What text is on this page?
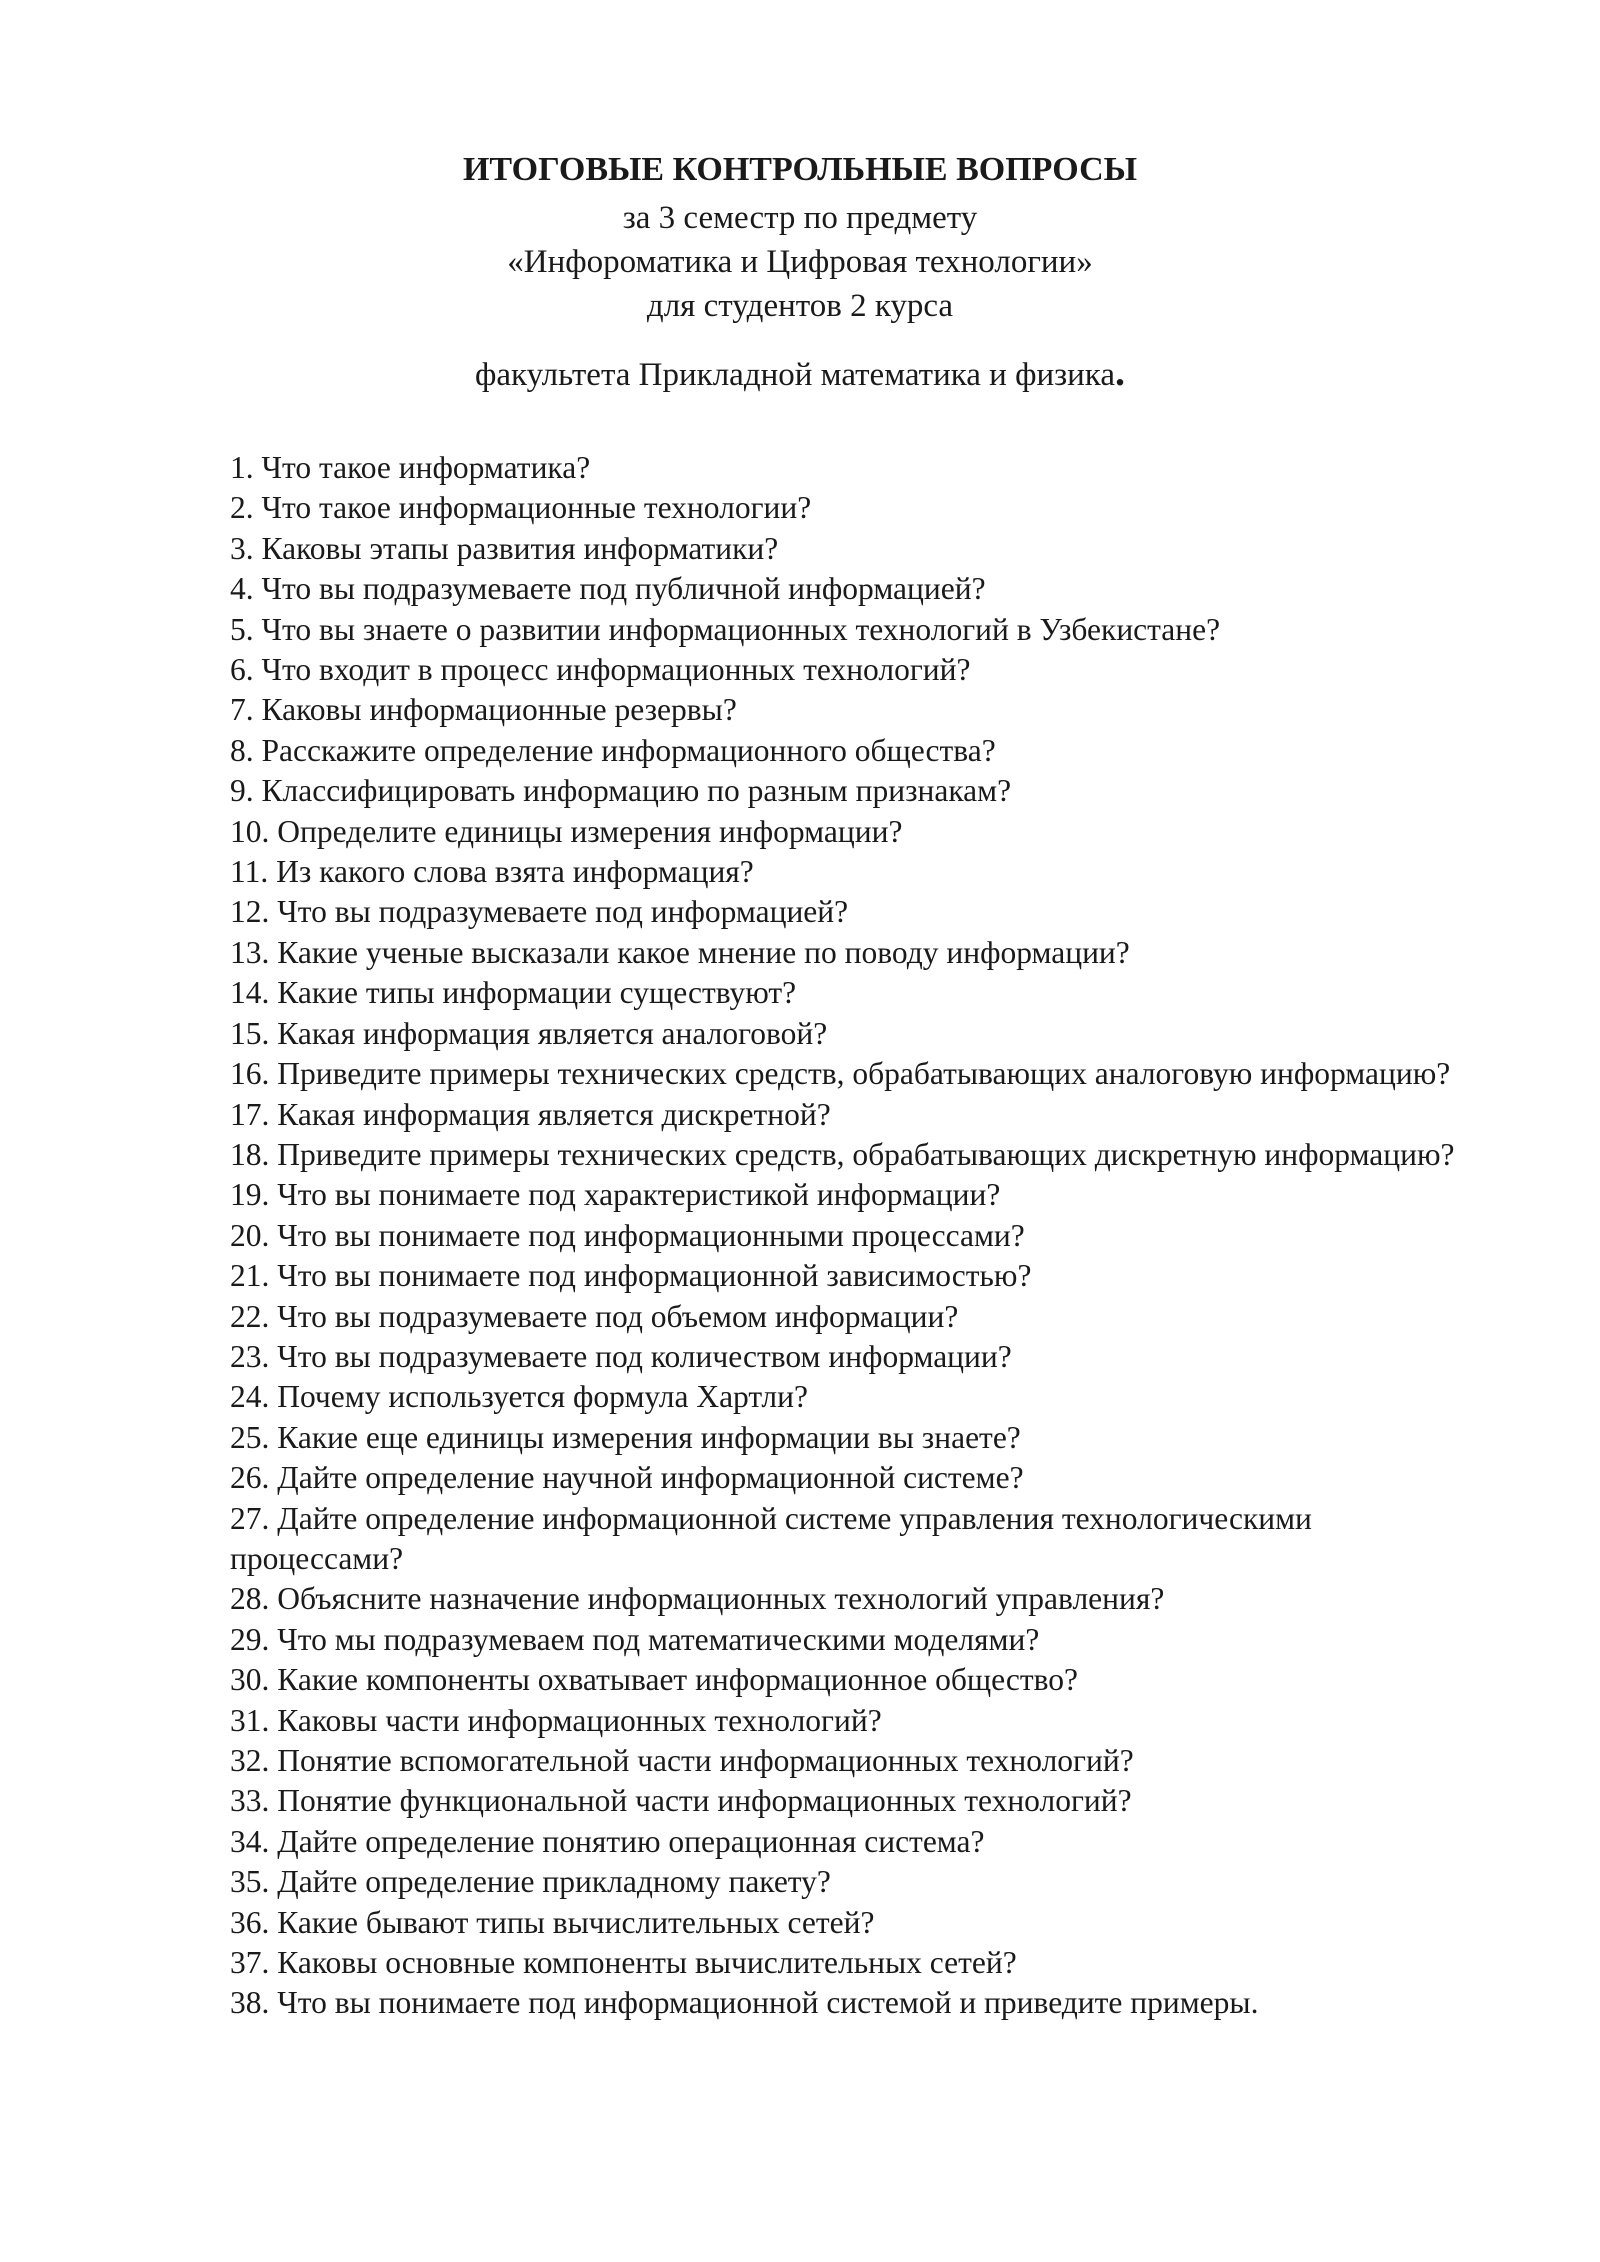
ИТОГОВЫЕ КОНТРОЛЬНЫЕ ВОПРОСЫ
за 3 семестр по предмету
«Инфороматика и Цифровая технологии»
для студентов 2 курса
факультета Прикладной математика и физика.
1. Что такое информатика?
2. Что такое информационные технологии?
3. Каковы этапы развития информатики?
4. Что вы подразумеваете под публичной информацией?
5. Что вы знаете о развитии информационных технологий в Узбекистане?
6. Что входит в процесс информационных технологий?
7. Каковы информационные резервы?
8. Расскажите определение информационного общества?
9. Классифицировать информацию по разным признакам?
10. Определите единицы измерения информации?
11. Из какого слова взята информация?
12. Что вы подразумеваете под информацией?
13. Какие ученые высказали какое мнение по поводу информации?
14. Какие типы информации существуют?
15. Какая информация является аналоговой?
16. Приведите примеры технических средств, обрабатывающих аналоговую информацию?
17. Какая информация является дискретной?
18. Приведите примеры технических средств, обрабатывающих дискретную информацию?
19. Что вы понимаете под характеристикой информации?
20. Что вы понимаете под информационными процессами?
21. Что вы понимаете под информационной зависимостью?
22. Что вы подразумеваете под объемом информации?
23. Что вы подразумеваете под количеством информации?
24. Почему используется формула Хартли?
25. Какие еще единицы измерения информации вы знаете?
26. Дайте определение научной информационной системе?
27. Дайте определение информационной системе управления технологическими процессами?
28. Объясните назначение информационных технологий управления?
29. Что мы подразумеваем под математическими моделями?
30. Какие компоненты охватывает информационное общество?
31. Каковы части информационных технологий?
32. Понятие вспомогательной части информационных технологий?
33. Понятие функциональной части информационных технологий?
34. Дайте определение понятию операционная система?
35. Дайте определение прикладному пакету?
36. Какие бывают типы вычислительных сетей?
37. Каковы основные компоненты вычислительных сетей?
38. Что вы понимаете под информационной системой и приведите примеры.
